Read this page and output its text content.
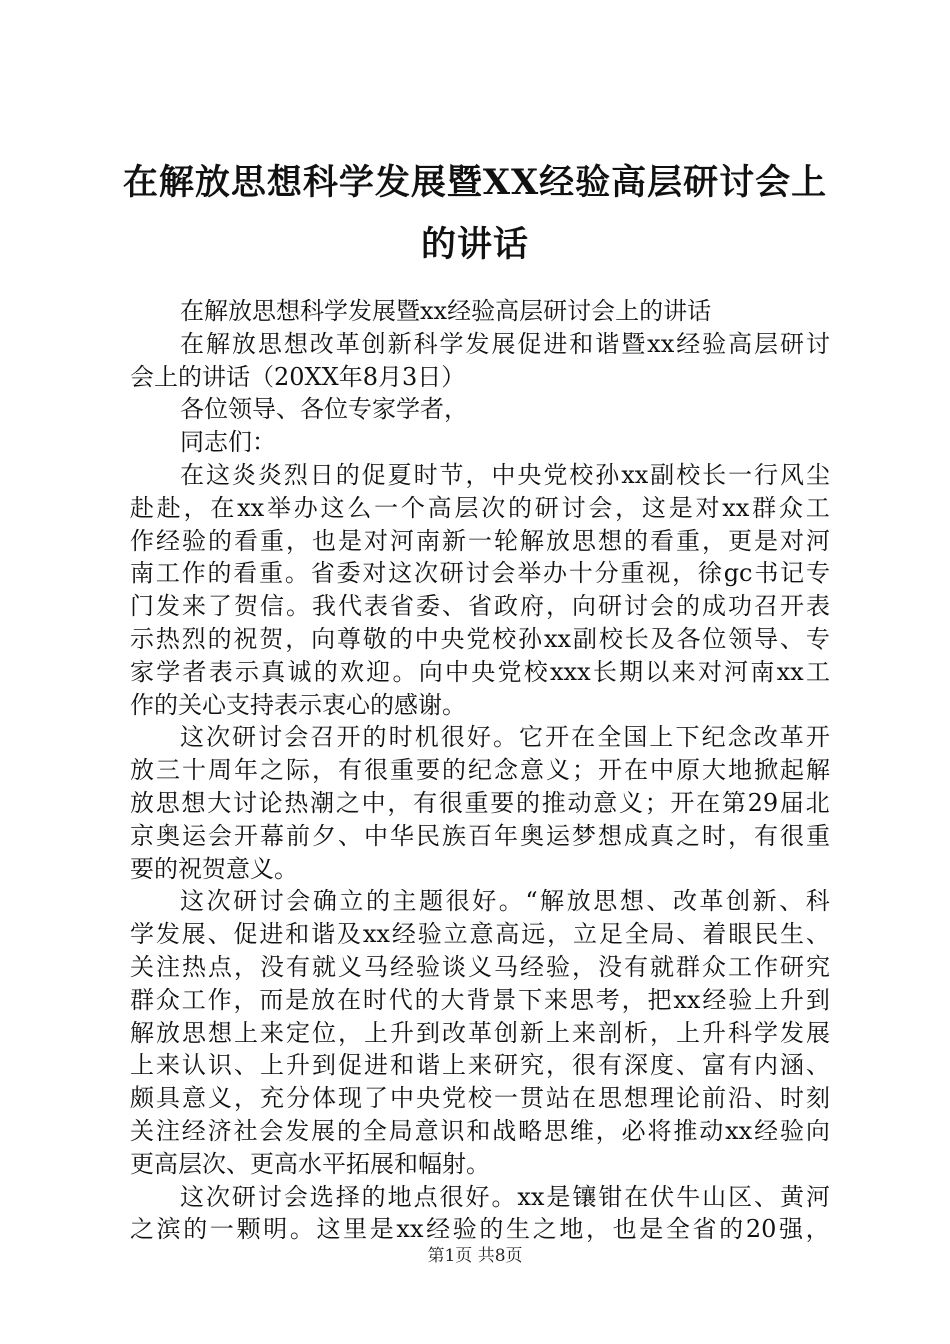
在解放思想科学发展暨XX经验高层研讨会上
的讲话
在解放思想科学发展暨xx经验高层研讨会上的讲话
在 解 放 思 想 改 革 创 新 科 学 发 展 促 进 和 谐 暨 xx 经 验 高 层 研 讨
会上的讲话（20XX年8月3日）
各位领导、各位专家学者，
同志们：
在 这 炎 炎 烈 日 的 促 夏 时 节 ， 中 央 党 校 孙 xx 副 校 长 一 行 风 尘
赴 赴 ， 在 xx 举 办 这 么 一 个 高 层 次 的 研 讨 会 ， 这 是 对 xx 群 众 工
作 经 验 的 看 重 ， 也 是 对 河 南 新 一 轮 解 放 思 想 的 看 重 ， 更 是 对 河
南 工 作 的 看 重 。 省 委 对 这 次 研 讨 会 举 办 十 分 重 视 ， 徐 gc 书 记 专
门 发 来 了 贺 信 。 我 代 表 省 委 、 省 政 府 ， 向 研 讨 会 的 成 功 召 开 表
示 热 烈 的 祝 贺 ， 向 尊 敬 的 中 央 党 校 孙 xx 副 校 长 及 各 位 领 导 、 专
家 学 者 表 示 真 诚 的 欢 迎 。 向 中 央 党 校 xxx 长 期 以 来 对 河 南 xx 工
作的关心支持表示衷心的感谢。
这 次 研 讨 会 召 开 的 时 机 很 好 。 它 开 在 全 国 上 下 纪 念 改 革 开
放 三 十 周 年 之 际 ， 有 很 重 要 的 纪 念 意 义 ； 开 在 中 原 大 地 掀 起 解
放 思 想 大 讨 论 热 潮 之 中 ， 有 很 重 要 的 推 动 意 义 ； 开 在 第 29 届 北
京 奥 运 会 开 幕 前 夕 、 中 华 民 族 百 年 奥 运 梦 想 成 真 之 时 ， 有 很 重
要的祝贺意义。
这 次 研 讨 会 确 立 的 主 题 很 好 。 “ 解 放 思 想 、 改 革 创 新 、 科
学 发 展 、 促 进 和 谐 及 xx 经 验 立 意 高 远 ， 立 足 全 局 、 着 眼 民 生 、
关 注 热 点 ， 没 有 就 义 马 经 验 谈 义 马 经 验 ， 没 有 就 群 众 工 作 研 究
群 众 工 作 ， 而 是 放 在 时 代 的 大 背 景 下 来 思 考 ， 把 xx 经 验 上 升 到
解 放 思 想 上 来 定 位 ， 上 升 到 改 革 创 新 上 来 剖 析 ， 上 升 科 学 发 展
上 来 认 识 、 上 升 到 促 进 和 谐 上 来 研 究 ， 很 有 深 度 、 富 有 内 涵 、
颇 具 意 义 ， 充 分 体 现 了 中 央 党 校 一 贯 站 在 思 想 理 论 前 沿 、 时 刻
关 注 经 济 社 会 发 展 的 全 局 意 识 和 战 略 思 维 ， 必 将 推 动 xx 经 验 向
更高层次、更高水平拓展和幅射。
这 次 研 讨 会 选 择 的 地 点 很 好 。 xx 是 镶 钳 在 伏 牛 山 区 、 黄 河
之 滨 的 一 颗 明 。 这 里 是 xx 经 验 的 生 之 地 ， 也 是 全 省 的 20 强 ，
第1页 共8页
